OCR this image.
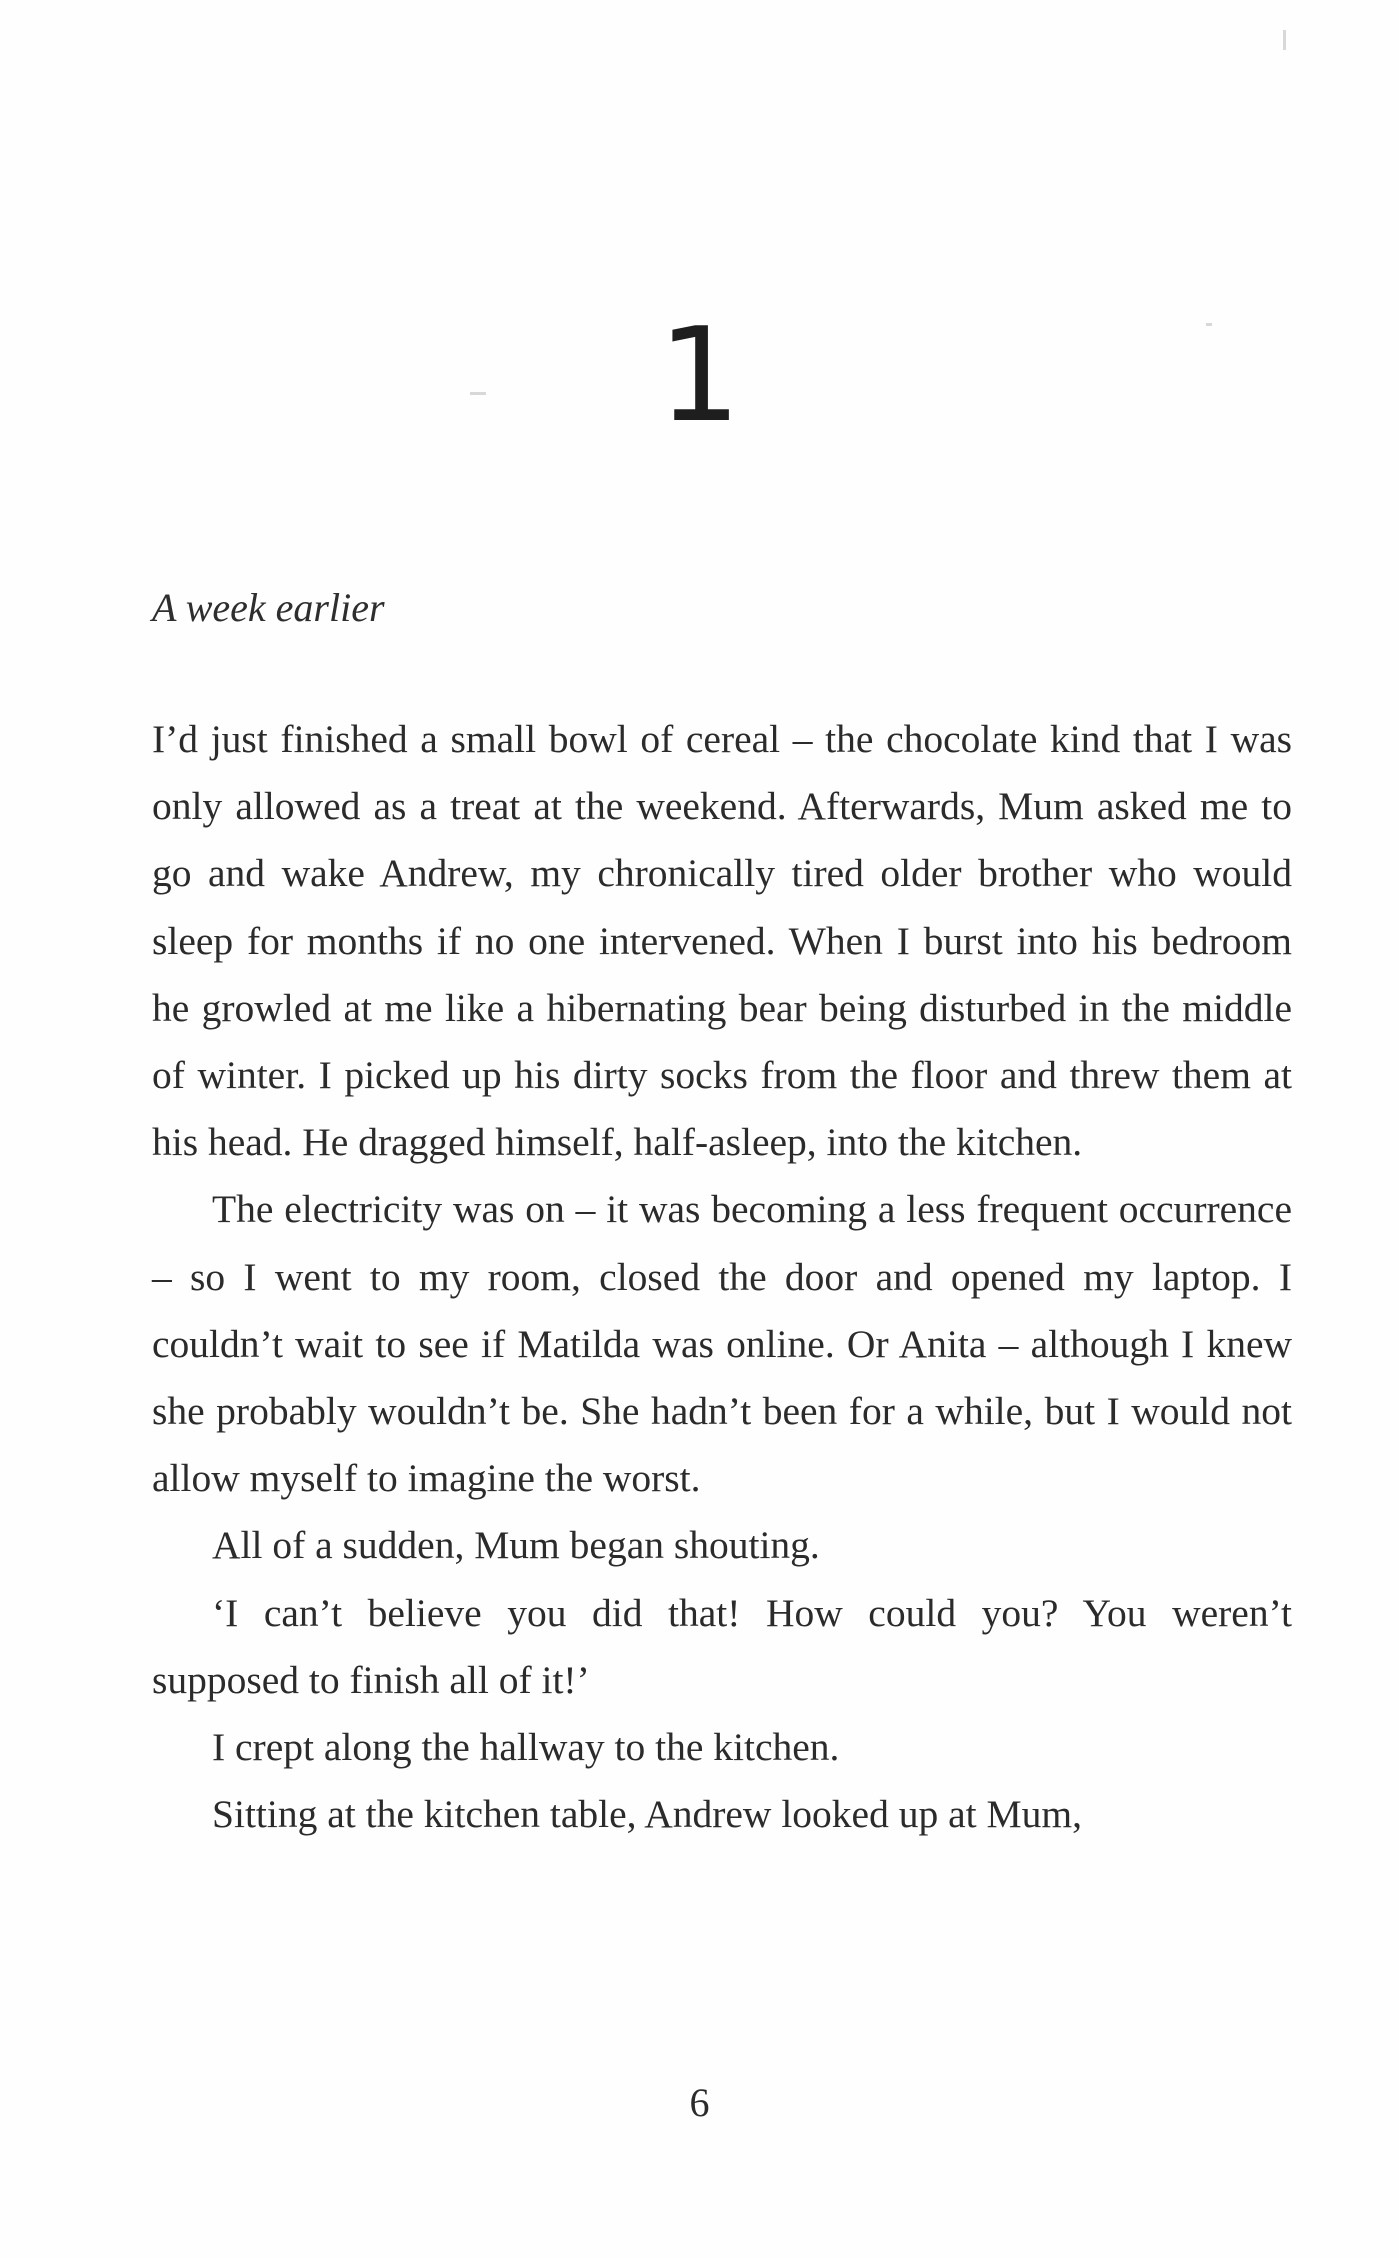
1
A week earlier

I’d just finished a small bowl of cereal – the chocolate kind that I was only allowed as a treat at the weekend. Afterwards, Mum asked me to go and wake Andrew, my chronically tired older brother who would sleep for months if no one intervened. When I burst into his bedroom he growled at me like a hibernating bear being disturbed in the middle of winter. I picked up his dirty socks from the floor and threw them at his head. He dragged himself, half-asleep, into the kitchen.

The electricity was on – it was becoming a less frequent occurrence – so I went to my room, closed the door and opened my laptop. I couldn’t wait to see if Matilda was online. Or Anita – although I knew she probably wouldn’t be. She hadn’t been for a while, but I would not allow myself to imagine the worst.

All of a sudden, Mum began shouting.

‘I can’t believe you did that! How could you? You weren’t supposed to finish all of it!’

I crept along the hallway to the kitchen.

Sitting at the kitchen table, Andrew looked up at Mum,

6
